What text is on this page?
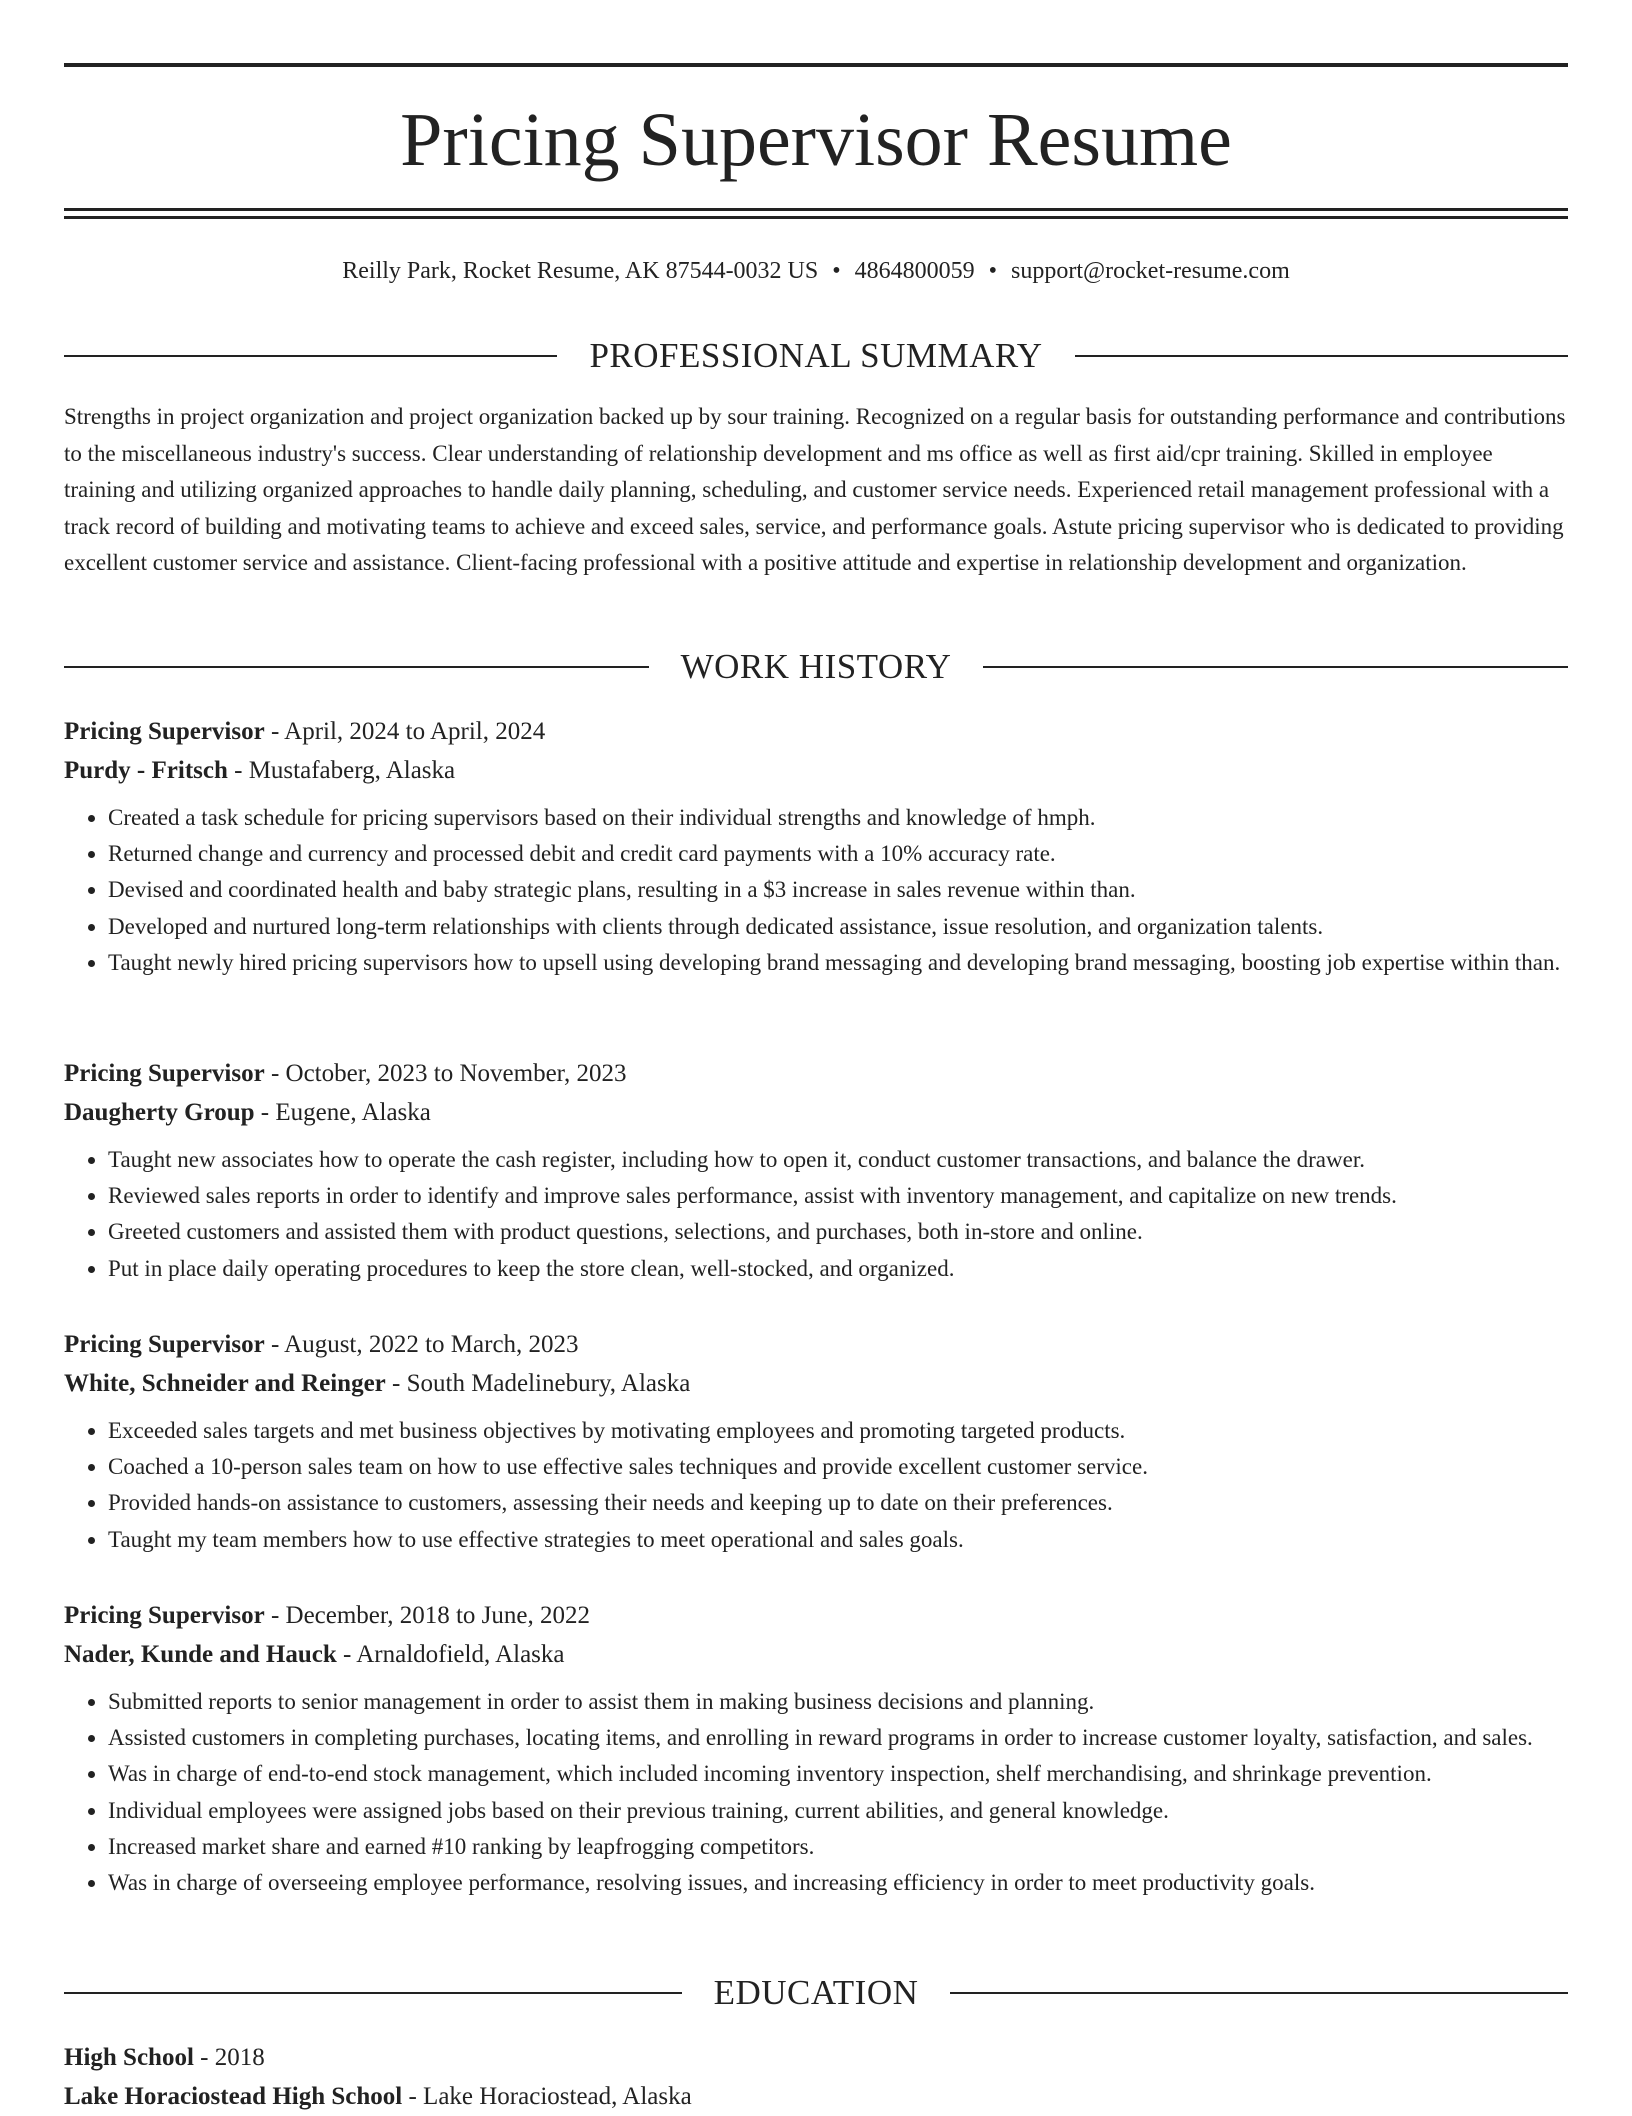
Pricing Supervisor Resume
Reilly Park, Rocket Resume, AK 87544-0032 US • 4864800059 • support@rocket-resume.com
PROFESSIONAL SUMMARY

Strengths in project organization and project organization backed up by sour training. Recognized on a regular basis for outstanding performance and contributions to the miscellaneous industry's success. Clear understanding of relationship development and ms office as well as first aid/cpr training. Skilled in employee training and utilizing organized approaches to handle daily planning, scheduling, and customer service needs. Experienced retail management professional with a track record of building and motivating teams to achieve and exceed sales, service, and performance goals. Astute pricing supervisor who is dedicated to providing excellent customer service and assistance. Client-facing professional with a positive attitude and expertise in relationship development and organization.

WORK HISTORY
Pricing Supervisor - April, 2024 to April, 2024
Purdy - Fritsch - Mustafaberg, Alaska
• Created a task schedule for pricing supervisors based on their individual strengths and knowledge of hmph.
• Returned change and currency and processed debit and credit card payments with a 10% accuracy rate.
• Devised and coordinated health and baby strategic plans, resulting in a $3 increase in sales revenue within than.
• Developed and nurtured long-term relationships with clients through dedicated assistance, issue resolution, and organization talents.
• Taught newly hired pricing supervisors how to upsell using developing brand messaging and developing brand messaging, boosting job expertise within than.
Pricing Supervisor - October, 2023 to November, 2023
Daugherty Group - Eugene, Alaska
• Taught new associates how to operate the cash register, including how to open it, conduct customer transactions, and balance the drawer.
• Reviewed sales reports in order to identify and improve sales performance, assist with inventory management, and capitalize on new trends.
• Greeted customers and assisted them with product questions, selections, and purchases, both in-store and online.
• Put in place daily operating procedures to keep the store clean, well-stocked, and organized.
Pricing Supervisor - August, 2022 to March, 2023
White, Schneider and Reinger - South Madelinebury, Alaska
• Exceeded sales targets and met business objectives by motivating employees and promoting targeted products.
• Coached a 10-person sales team on how to use effective sales techniques and provide excellent customer service.
• Provided hands-on assistance to customers, assessing their needs and keeping up to date on their preferences.
• Taught my team members how to use effective strategies to meet operational and sales goals.
Pricing Supervisor - December, 2018 to June, 2022
Nader, Kunde and Hauck - Arnaldofield, Alaska
• Submitted reports to senior management in order to assist them in making business decisions and planning.
• Assisted customers in completing purchases, locating items, and enrolling in reward programs in order to increase customer loyalty, satisfaction, and sales.
• Was in charge of end-to-end stock management, which included incoming inventory inspection, shelf merchandising, and shrinkage prevention.
• Individual employees were assigned jobs based on their previous training, current abilities, and general knowledge.
• Increased market share and earned #10 ranking by leapfrogging competitors.
• Was in charge of overseeing employee performance, resolving issues, and increasing efficiency in order to meet productivity goals.
EDUCATION
High School - 2018
Lake Horaciostead High School - Lake Horaciostead, Alaska
